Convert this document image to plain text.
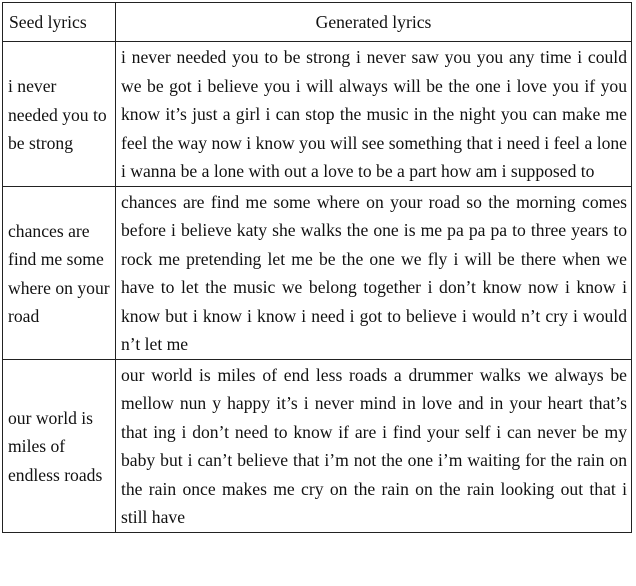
Seed lyrics	Generated lyrics
i never needed you to be strong	i never needed you to be strong i never saw you you any time i could we be got i believe you i will always will be the one i love you if you know it’s just a girl i can stop the music in the night you can make me feel the way now i know you will see something that i need i feel a lone i wanna be a lone with out a love to be a part how am i supposed to
chances are find me some where on your road	chances are find me some where on your road so the morning comes before i believe katy she walks the one is me pa pa pa to three years to rock me pretending let me be the one we fly i will be there when we have to let the music we belong together i don’t know now i know i know but i know i know i need i got to believe i would n’t cry i would n’t let me
our world is miles of endless roads	our world is miles of end less roads a drummer walks we always be mellow nun y happy it’s i never mind in love and in your heart that’s that ing i don’t need to know if are i find your self i can never be my baby but i can’t believe that i’m not the one i’m waiting for the rain on the rain once makes me cry on the rain on the rain looking out that i still have
